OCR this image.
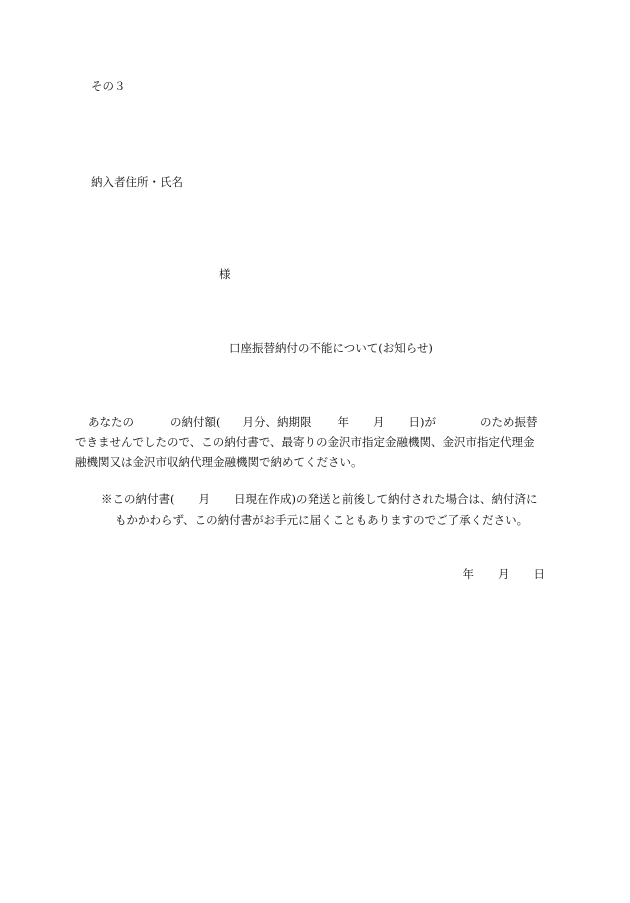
その３
納入者住所・氏名
様
口座振替納付の不能について(お知らせ)
あなたの	の納付額( 月分、納期限 年 月 日)が	のため振替
できませんでしたので、この納付書で、最寄りの金沢市指定金融機関、金沢市指定代理金
融機関又は金沢市収納代理金融機関で納めてください。
※この納付書( 月 日現在作成)の発送と前後して納付された場合は、納付済に
もかかわらず、この納付書がお手元に届くこともありますのでご了承ください。
年 月 日
